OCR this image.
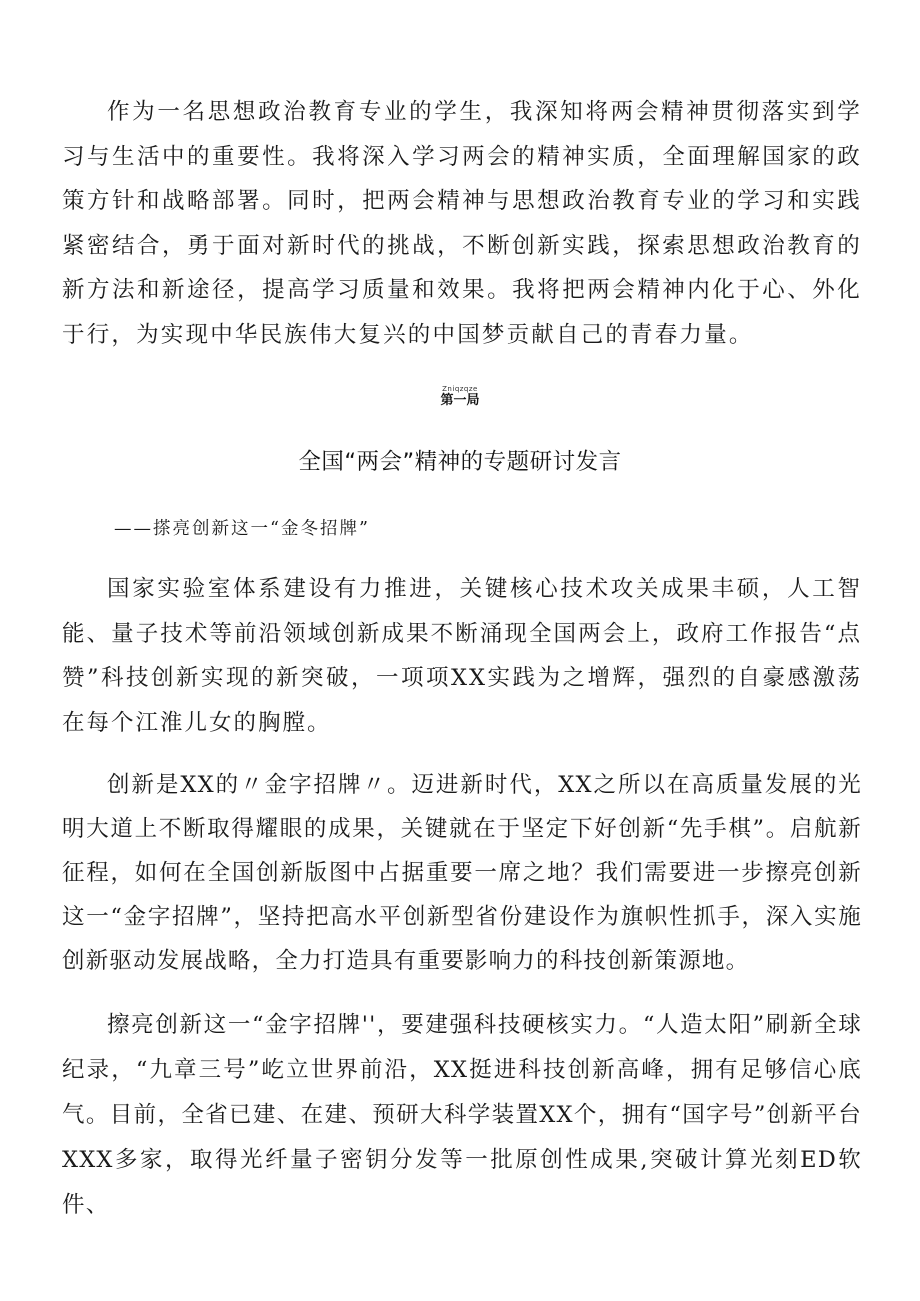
作为一名思想政治教育专业的学生，我深知将两会精神贯彻落实到学习与生活中的重要性。我将深入学习两会的精神实质，全面理解国家的政策方针和战略部署。同时，把两会精神与思想政治教育专业的学习和实践紧密结合，勇于面对新时代的挑战，不断创新实践，探索思想政治教育的新方法和新途径，提高学习质量和效果。我将把两会精神内化于心、外化于行，为实现中华民族伟大复兴的中国梦贡献自己的青春力量。

Zniqzqze
第一局
全国“两会”精神的专题研讨发言
——搽亮创新这一“金冬招牌”

国家实验室体系建设有力推进，关键核心技术攻关成果丰硕，人工智能、量子技术等前沿领域创新成果不断涌现全国两会上，政府工作报告“点赞”科技创新实现的新突破，一项项XX实践为之增辉，强烈的自豪感激荡在每个江淮儿女的胸膛。

创新是XX的〃金字招牌〃。迈进新时代，XX之所以在高质量发展的光明大道上不断取得耀眼的成果，关键就在于坚定下好创新“先手棋”。启航新征程，如何在全国创新版图中占据重要一席之地？我们需要进一步擦亮创新这一“金字招牌”，坚持把高水平创新型省份建设作为旗帜性抓手，深入实施创新驱动发展战略，全力打造具有重要影响力的科技创新策源地。

擦亮创新这一“金字招牌''，要建强科技硬核实力。“人造太阳”刷新全球纪录，“九章三号”屹立世界前沿，XX挺进科技创新高峰，拥有足够信心底气。目前，全省已建、在建、预研大科学装置XX个，拥有“国字号”创新平台XXX多家，取得光纤量子密钥分发等一批原创性成果,突破计算光刻ED软件、
